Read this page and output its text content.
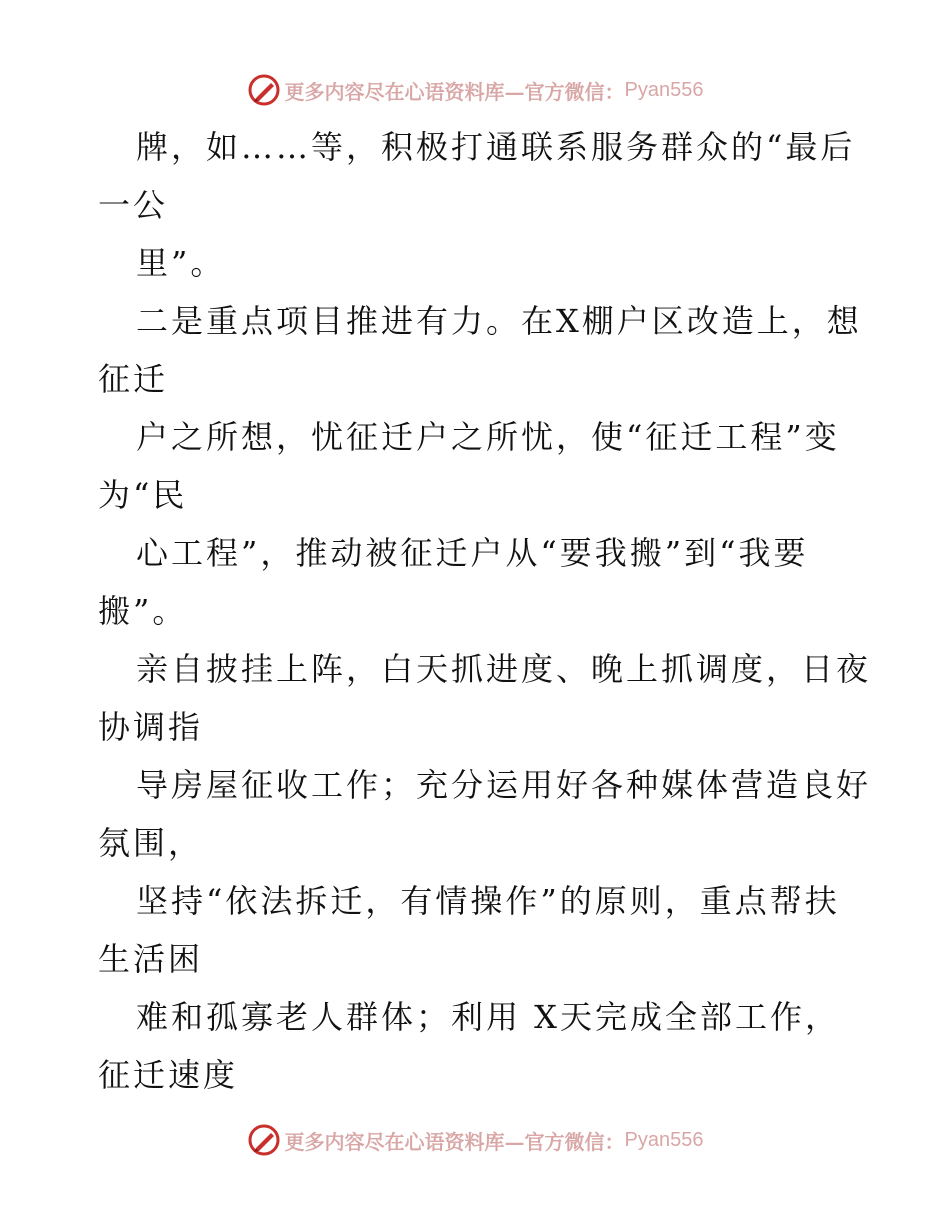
更多内容尽在心语资料库—官方微信： Pyan556
牌，如……等，积极打通联系服务群众的“最后
一公
里”。
二是重点项目推进有力。在X棚户区改造上，想
征迁
户之所想，忧征迁户之所忧，使“征迁工程”变
为“民
心工程”，推动被征迁户从“要我搬”到“我要
搬”。
亲自披挂上阵，白天抓进度、晚上抓调度，日夜
协调指
导房屋征收工作；充分运用好各种媒体营造良好
氛围，
坚持“依法拆迁，有情操作”的原则，重点帮扶
生活困
难和孤寡老人群体；利用 X天完成全部工作，
征迁速度
更多内容尽在心语资料库—官方微信： Pyan556
